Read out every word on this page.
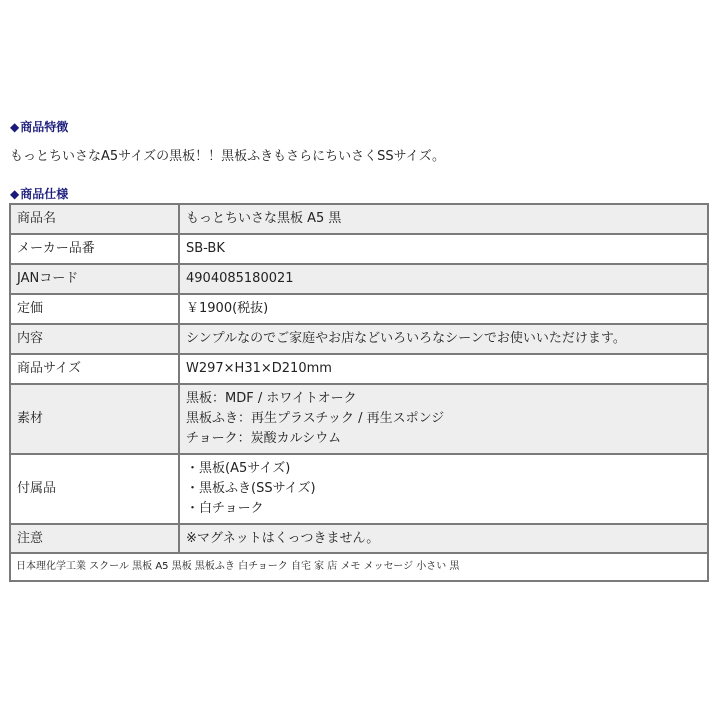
◆商品特徴
もっとちいさなA5サイズの黒板！！黒板ふきもさらにちいさくSSサイズ。
◆商品仕様
商品名	もっとちいさな黒板 A5 黒
メーカー品番	SB-BK
JANコード	4904085180021
定価	￥1900(税抜)
内容	シンプルなのでご家庭やお店などいろいろなシーンでお使いいただけます。
商品サイズ	W297×H31×D210mm
素材	黒板：MDF / ホワイトオーク
黒板ふき：再生プラスチック / 再生スポンジ
チョーク：炭酸カルシウム

付属品	・黒板(A5サイズ)
・黒板ふき(SSサイズ)
・白チョーク

注意	※マグネットはくっつきません。
日本理化学工業 スクール 黒板 A5 黒板 黒板ふき 白チョーク 自宅 家 店 メモ メッセージ 小さい 黒	
